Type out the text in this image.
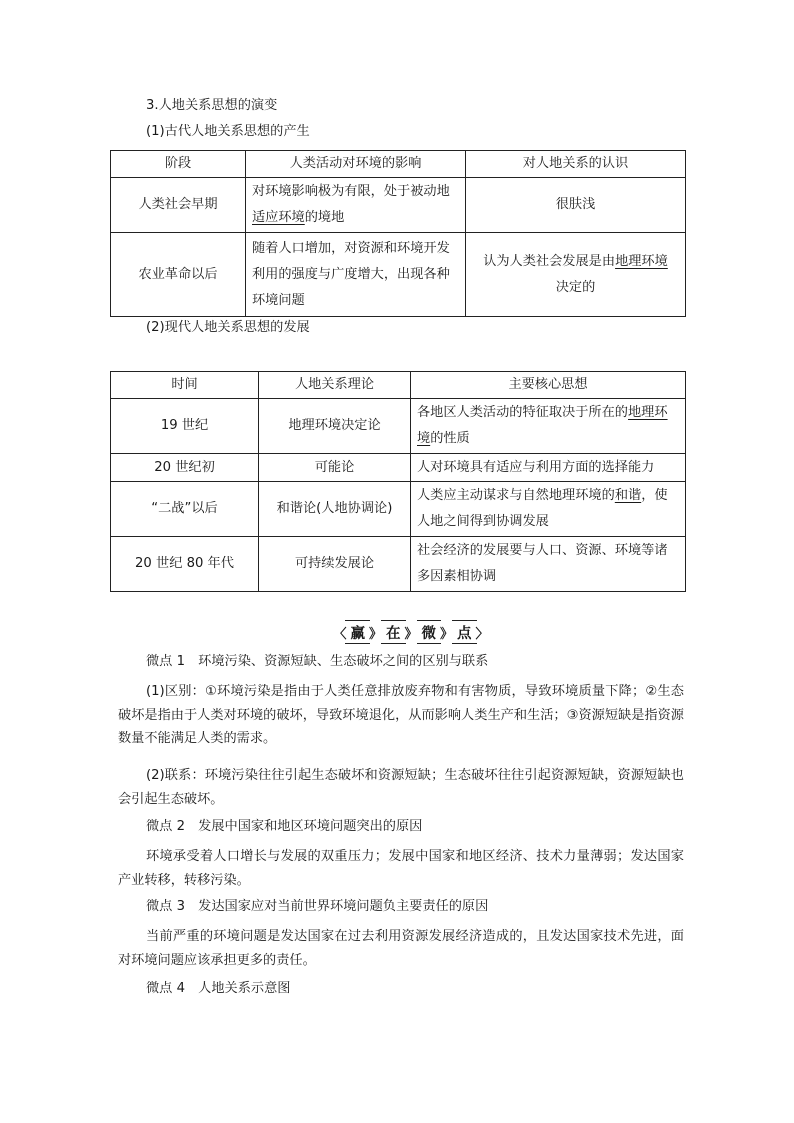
3.人地关系思想的演变
(1)古代人地关系思想的产生
阶段	人类活动对环境的影响	对人地关系的认识
人类社会早期	对环境影响极为有限，处于被动地适应环境的境地	很肤浅
农业革命以后	随着人口增加，对资源和环境开发利用的强度与广度增大，出现各种环境问题	认为人类社会发展是由地理环境
决定的
(2)现代人地关系思想的发展
时间	人地关系理论	主要核心思想
19 世纪	地理环境决定论	各地区人类活动的特征取决于所在的地理环境的性质
20 世纪初	可能论	人对环境具有适应与利用方面的选择能力
“二战”以后	和谐论(人地协调论)	人类应主动谋求与自然地理环境的和谐，使人地之间得到协调发展
20 世纪 80 年代	可持续发展论	社会经济的发展要与人口、资源、环境等诸多因素相协调
〈 赢 》 在 》 微 》 点 〉
微点 1　环境污染、资源短缺、生态破坏之间的区别与联系
(1)区别：①环境污染是指由于人类任意排放废弃物和有害物质，导致环境质量下降；②生态破坏是指由于人类对环境的破坏，导致环境退化，从而影响人类生产和生活；③资源短缺是指资源数量不能满足人类的需求。
(2)联系：环境污染往往引起生态破坏和资源短缺；生态破坏往往引起资源短缺，资源短缺也会引起生态破坏。
微点 2　发展中国家和地区环境问题突出的原因
环境承受着人口增长与发展的双重压力；发展中国家和地区经济、技术力量薄弱；发达国家产业转移，转移污染。
微点 3　发达国家应对当前世界环境问题负主要责任的原因
当前严重的环境问题是发达国家在过去利用资源发展经济造成的，且发达国家技术先进，面对环境问题应该承担更多的责任。
微点 4　人地关系示意图
